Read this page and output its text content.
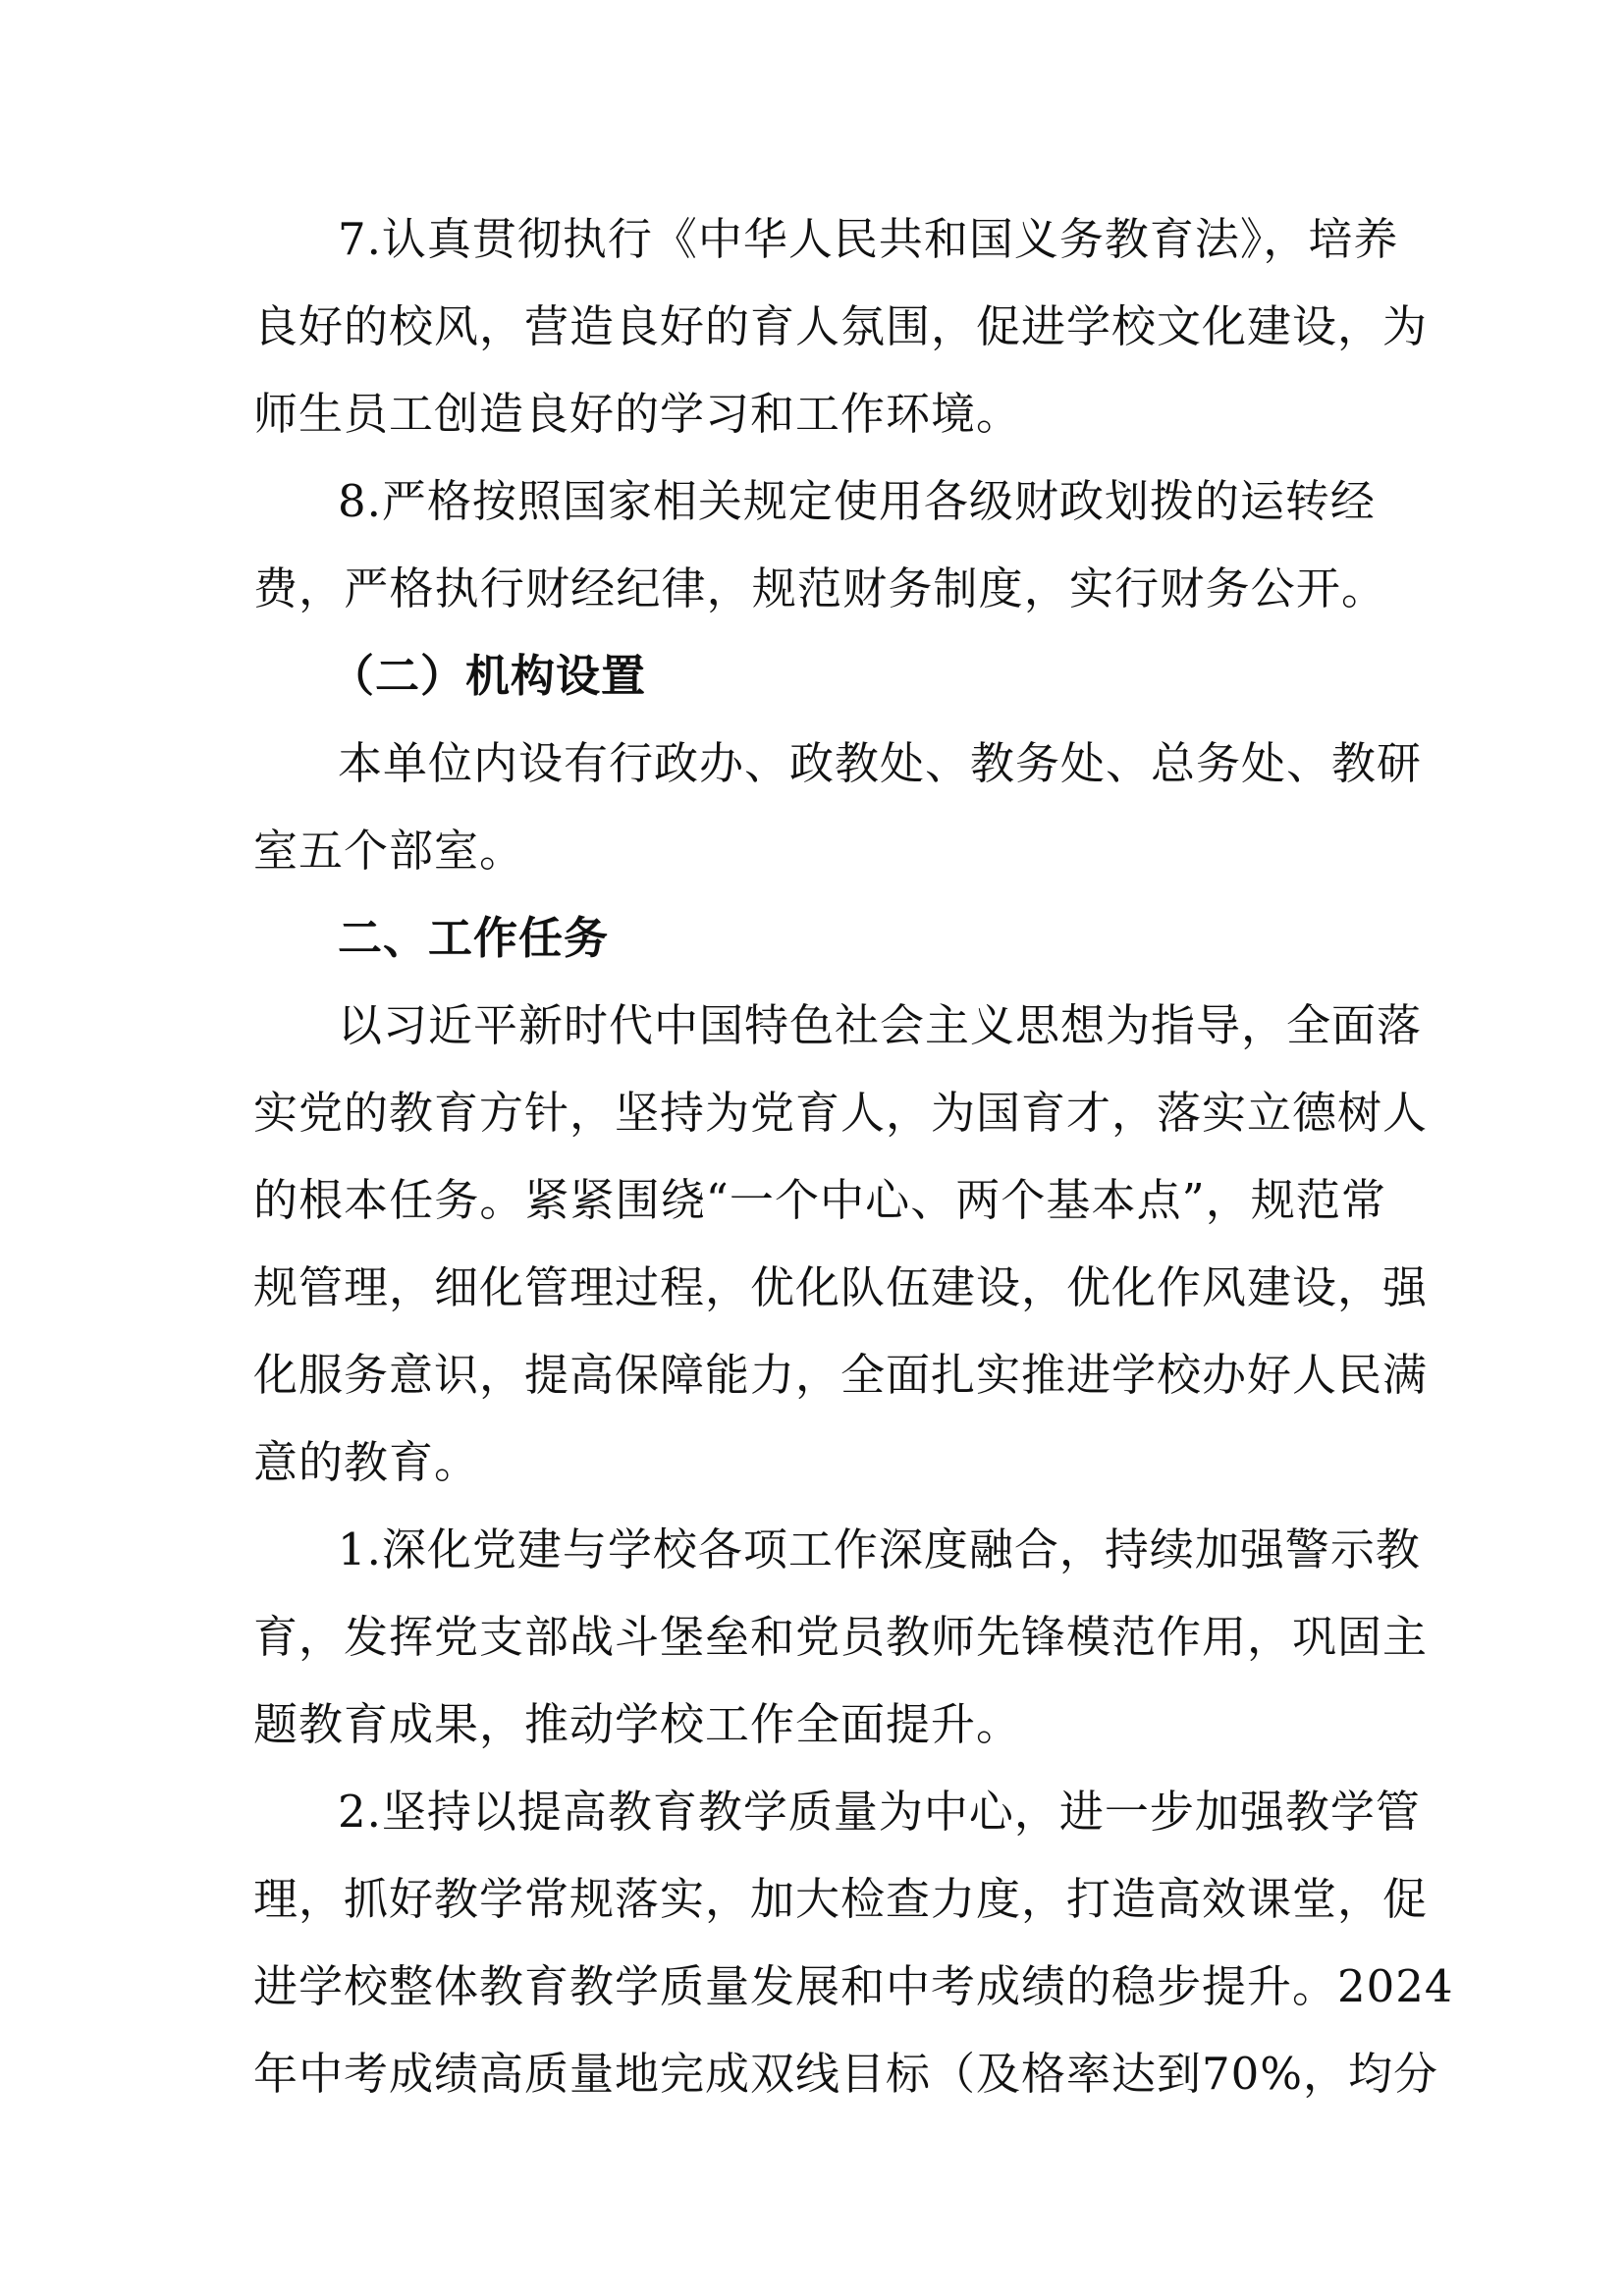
7.认真贯彻执行《中华人民共和国义务教育法》，培养
良好的校风，营造良好的育人氛围，促进学校文化建设，为
师生员工创造良好的学习和工作环境。
8.严格按照国家相关规定使用各级财政划拨的运转经
费，严格执行财经纪律，规范财务制度，实行财务公开。
（二）机构设置
本单位内设有行政办、政教处、教务处、总务处、教研
室五个部室。
二、工作任务
以习近平新时代中国特色社会主义思想为指导，全面落
实党的教育方针，坚持为党育人，为国育才，落实立德树人
的根本任务。紧紧围绕“一个中心、两个基本点”，规范常
规管理，细化管理过程，优化队伍建设，优化作风建设，强
化服务意识，提高保障能力，全面扎实推进学校办好人民满
意的教育。
1.深化党建与学校各项工作深度融合，持续加强警示教
育，发挥党支部战斗堡垒和党员教师先锋模范作用，巩固主
题教育成果，推动学校工作全面提升。
2.坚持以提高教育教学质量为中心，进一步加强教学管
理，抓好教学常规落实，加大检查力度，打造高效课堂，促
进学校整体教育教学质量发展和中考成绩的稳步提升。2024
年中考成绩高质量地完成双线目标（及格率达到70%，均分
